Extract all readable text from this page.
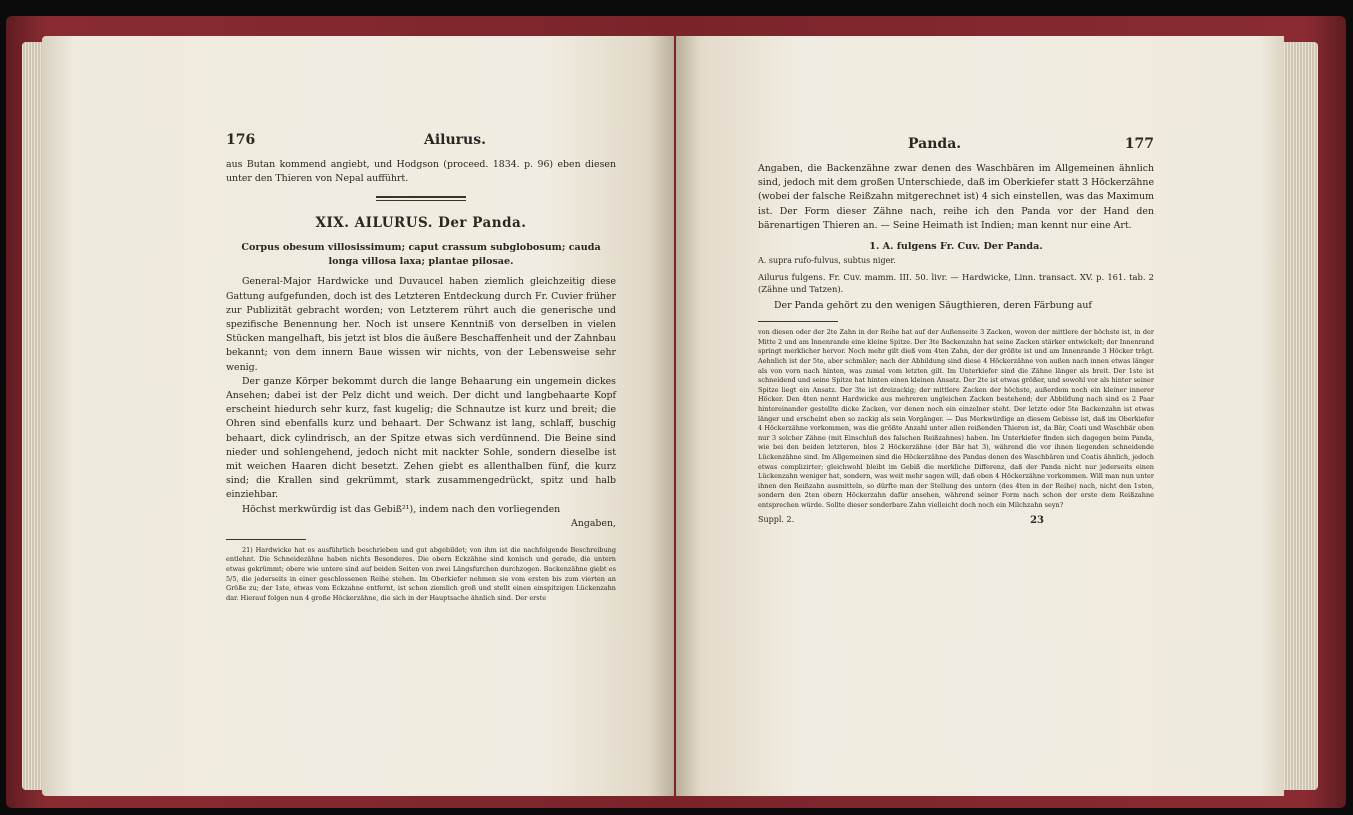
176	Ailurus.

aus Butan kommend angiebt, und Hodgson (proceed. 1834. p. 96) eben diesen unter den Thieren von Nepal aufführt.

XIX. AILURUS. Der Panda.
Corpus obesum villosissimum; caput crassum subglobosum; cauda longa villosa laxa; plantae pilosae.

General-Major Hardwicke und Duvaucel haben ziemlich gleichzeitig diese Gattung aufgefunden, doch ist des Letzteren Entdeckung durch Fr. Cuvier früher zur Publizität gebracht worden; von Letzterem rührt auch die generische und spezifische Benennung her. Noch ist unsere Kenntniß von derselben in vielen Stücken mangelhaft, bis jetzt ist blos die äußere Beschaffenheit und der Zahnbau bekannt; von dem innern Baue wissen wir nichts, von der Lebensweise sehr wenig.

Der ganze Körper bekommt durch die lange Behaarung ein ungemein dickes Ansehen; dabei ist der Pelz dicht und weich. Der dicht und langbehaarte Kopf erscheint hiedurch sehr kurz, fast kugelig; die Schnautze ist kurz und breit; die Ohren sind ebenfalls kurz und behaart. Der Schwanz ist lang, schlaff, buschig behaart, dick cylindrisch, an der Spitze etwas sich verdünnend. Die Beine sind nieder und sohlengehend, jedoch nicht mit nackter Sohle, sondern dieselbe ist mit weichen Haaren dicht besetzt. Zehen giebt es allenthalben fünf, die kurz sind; die Krallen sind gekrümmt, stark zusammengedrückt, spitz und halb einziehbar.

Höchst merkwürdig ist das Gebiß²¹), indem nach den vorliegenden

Angaben,

21) Hardwicke hat es ausführlich beschrieben und gut abgebildet; von ihm ist die nachfolgende Beschreibung entlehnt. Die Schneidezähne haben nichts Besonderes. Die obern Eckzähne sind konisch und gerade, die untern etwas gekrümmt; obere wie untere sind auf beiden Seiten von zwei Längsfurchen durchzogen. Backenzähne giebt es 5/5, die jederseits in einer geschlossenen Reihe stehen. Im Oberkiefer nehmen sie vom ersten bis zum vierten an Größe zu; der 1ste, etwas vom Eckzahne entfernt, ist schon ziemlich groß und stellt einen einspitzigen Lückenzahn dar. Hierauf folgen nun 4 große Höckerzähne, die sich in der Hauptsache ähnlich sind. Der erste

Panda.	177

Angaben, die Backenzähne zwar denen des Waschbären im Allgemeinen ähnlich sind, jedoch mit dem großen Unterschiede, daß im Oberkiefer statt 3 Höckerzähne (wobei der falsche Reißzahn mitgerechnet ist) 4 sich einstellen, was das Maximum ist. Der Form dieser Zähne nach, reihe ich den Panda vor der Hand den bärenartigen Thieren an. — Seine Heimath ist Indien; man kennt nur eine Art.

1. A. fulgens Fr. Cuv. Der Panda.
A. supra rufo-fulvus, subtus niger.

Ailurus fulgens. Fr. Cuv. mamm. III. 50. livr. — Hardwicke, Linn. transact. XV. p. 161. tab. 2 (Zähne und Tatzen).

Der Panda gehört zu den wenigen Säugthieren, deren Färbung auf

von diesen oder der 2te Zahn in der Reihe hat auf der Außenseite 3 Zacken, wovon der mittlere der höchste ist, in der Mitte 2 und am Innenrande eine kleine Spitze. Der 3te Backenzahn hat seine Zacken stärker entwickelt; der Innenrand springt merklicher hervor. Noch mehr gilt dieß vom 4ten Zahn, der der größte ist und am Innenrande 3 Höcker trägt. Aehnlich ist der 5te, aber schmäler; nach der Abbildung sind diese 4 Höckerzähne von außen nach innen etwas länger als von vorn nach hinten, was zumal vom letzten gilt. Im Unterkiefer sind die Zähne länger als breit. Der 1ste ist schneidend und seine Spitze hat hinten einen kleinen Ansatz. Der 2te ist etwas größer, und sowohl vor als hinter seiner Spitze liegt ein Ansatz. Der 3te ist dreizackig; der mittlere Zacken der höchste, außerdem noch ein kleiner innerer Höcker. Den 4ten nennt Hardwicke aus mehreren ungleichen Zacken bestehend; der Abbildung nach sind es 2 Paar hintereinander gestellte dicke Zacken, vor denen noch ein einzelner steht. Der letzte oder 5te Backenzahn ist etwas länger und erscheint eben so zackig als sein Vorgänger. — Das Merkwürdige an diesem Gebisse ist, daß im Oberkiefer 4 Höckerzähne vorkommen, was die größte Anzahl unter allen reißenden Thieren ist, da Bär, Coati und Waschbär oben nur 3 solcher Zähne (mit Einschluß des falschen Reißzahnes) haben. Im Unterkiefer finden sich dagegen beim Panda, wie bei den beiden letzteren, blos 2 Höckerzähne (der Bär hat 3), während die vor ihnen liegenden schneidende Lückenzähne sind. Im Allgemeinen sind die Höckerzähne des Pandas denen des Waschbären und Coatis ähnlich, jedoch etwas complizirter; gleichwohl bleibt im Gebiß die merkliche Differenz, daß der Panda nicht nur jederseits einen Lückenzahn weniger hat, sondern, was weit mehr sagen will, daß oben 4 Höckerzähne vorkommen. Will man nun unter ihnen den Reißzahn ausmitteln, so dürfte man der Stellung des untern (des 4ten in der Reihe) nach, nicht den 1sten, sondern den 2ten obern Höckerzahn dafür ansehen, während seiner Form nach schon der erste dem Reißzahne entsprechen würde. Sollte dieser sonderbare Zahn vielleicht doch noch ein Milchzahn seyn?

Suppl. 2.	23
